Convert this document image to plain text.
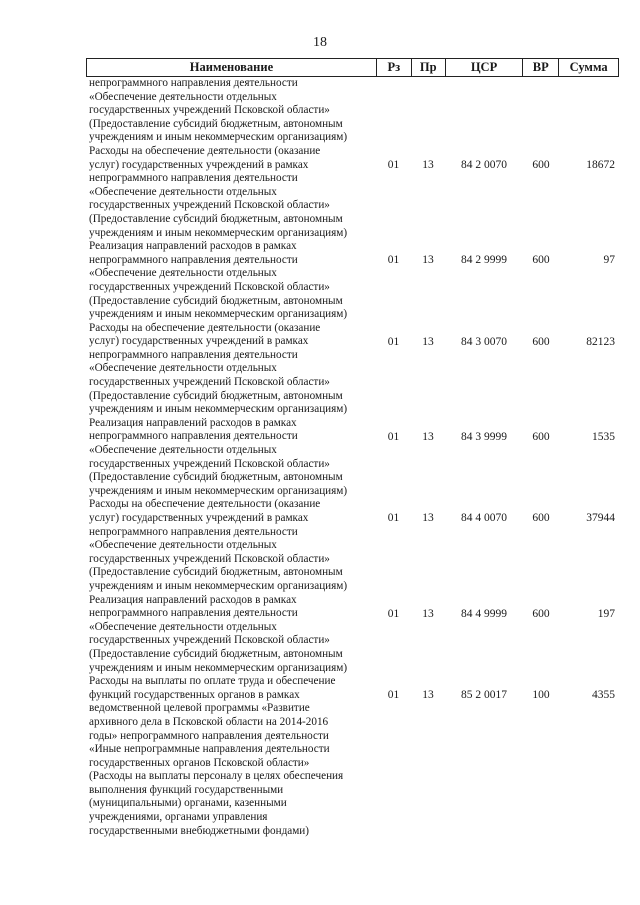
18
Наименование	Рз	Пр	ЦСР	ВР	Сумма
непрограммного направления деятельности
«Обеспечение деятельности отдельных
государственных учреждений Псковской области»
(Предоставление субсидий бюджетным, автономным
учреждениям и иным некоммерческим организациям)
Расходы на обеспечение деятельности (оказание
услуг) государственных учреждений в рамках
непрограммного направления деятельности
«Обеспечение деятельности отдельных
государственных учреждений Псковской области»
(Предоставление субсидий бюджетным, автономным
учреждениям и иным некоммерческим организациям)
01	13	84 2 0070	600	18672
Реализация направлений расходов в рамках
непрограммного направления деятельности
«Обеспечение деятельности отдельных
государственных учреждений Псковской области»
(Предоставление субсидий бюджетным, автономным
учреждениям и иным некоммерческим организациям)
01	13	84 2 9999	600	97
Расходы на обеспечение деятельности (оказание
услуг) государственных учреждений в рамках
непрограммного направления деятельности
«Обеспечение деятельности отдельных
государственных учреждений Псковской области»
(Предоставление субсидий бюджетным, автономным
учреждениям и иным некоммерческим организациям)
01	13	84 3 0070	600	82123
Реализация направлений расходов в рамках
непрограммного направления деятельности
«Обеспечение деятельности отдельных
государственных учреждений Псковской области»
(Предоставление субсидий бюджетным, автономным
учреждениям и иным некоммерческим организациям)
01	13	84 3 9999	600	1535
Расходы на обеспечение деятельности (оказание
услуг) государственных учреждений в рамках
непрограммного направления деятельности
«Обеспечение деятельности отдельных
государственных учреждений Псковской области»
(Предоставление субсидий бюджетным, автономным
учреждениям и иным некоммерческим организациям)
01	13	84 4 0070	600	37944
Реализация направлений расходов в рамках
непрограммного направления деятельности
«Обеспечение деятельности отдельных
государственных учреждений Псковской области»
(Предоставление субсидий бюджетным, автономным
учреждениям и иным некоммерческим организациям)
01	13	84 4 9999	600	197
Расходы на выплаты по оплате труда и обеспечение
функций государственных органов в рамках
ведомственной целевой программы «Развитие
архивного дела в Псковской области на 2014-2016
годы» непрограммного направления деятельности
«Иные непрограммные направления деятельности
государственных органов Псковской области»
(Расходы на выплаты персоналу в целях обеспечения
выполнения функций государственными
(муниципальными) органами, казенными
учреждениями, органами управления
государственными внебюджетными фондами)
01	13	85 2 0017	100	4355
